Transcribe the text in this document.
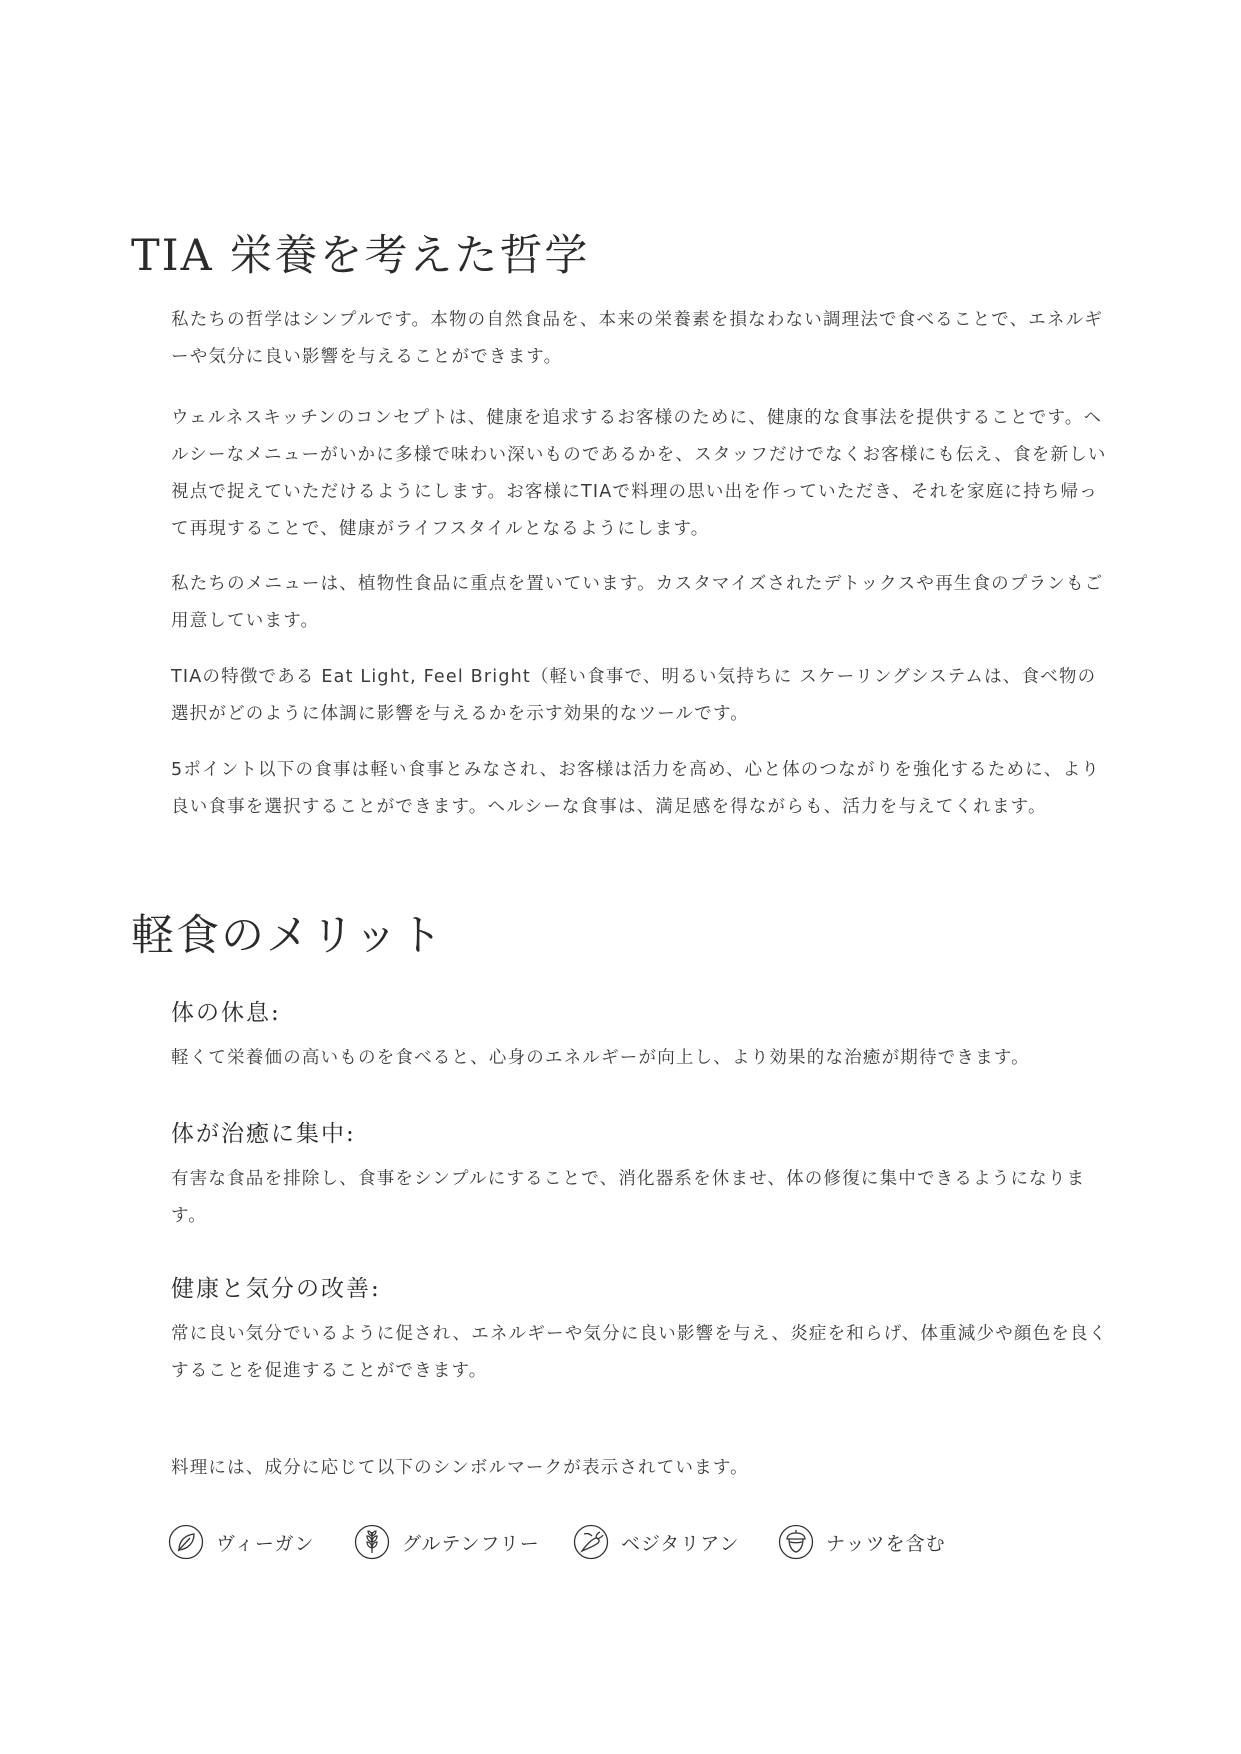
TIA 栄養を考えた哲学

私たちの哲学はシンプルです。本物の自然食品を、本来の栄養素を損なわない調理法で食べることで、エネルギーや気分に良い影響を与えることができます。

ウェルネスキッチンのコンセプトは、健康を追求するお客様のために、健康的な食事法を提供することです。ヘルシーなメニューがいかに多様で味わい深いものであるかを、スタッフだけでなくお客様にも伝え、食を新しい視点で捉えていただけるようにします。お客様にTIAで料理の思い出を作っていただき、それを家庭に持ち帰って再現することで、健康がライフスタイルとなるようにします。

私たちのメニューは、植物性食品に重点を置いています。カスタマイズされたデトックスや再生食のプランもご用意しています。

TIAの特徴である Eat Light, Feel Bright（軽い食事で、明るい気持ちに スケーリングシステムは、食べ物の選択がどのように体調に影響を与えるかを示す効果的なツールです。

5ポイント以下の食事は軽い食事とみなされ、お客様は活力を高め、心と体のつながりを強化するために、より良い食事を選択することができます。ヘルシーな食事は、満足感を得ながらも、活力を与えてくれます。

軽食のメリット
体の休息:

軽くて栄養価の高いものを食べると、心身のエネルギーが向上し、より効果的な治癒が期待できます。

体が治癒に集中:

有害な食品を排除し、食事をシンプルにすることで、消化器系を休ませ、体の修復に集中できるようになります。

健康と気分の改善:

常に良い気分でいるように促され、エネルギーや気分に良い影響を与え、炎症を和らげ、体重減少や顔色を良くすることを促進することができます。

料理には、成分に応じて以下のシンボルマークが表示されています。

ヴィーガン	グルテンフリー	ベジタリアン	ナッツを含む
